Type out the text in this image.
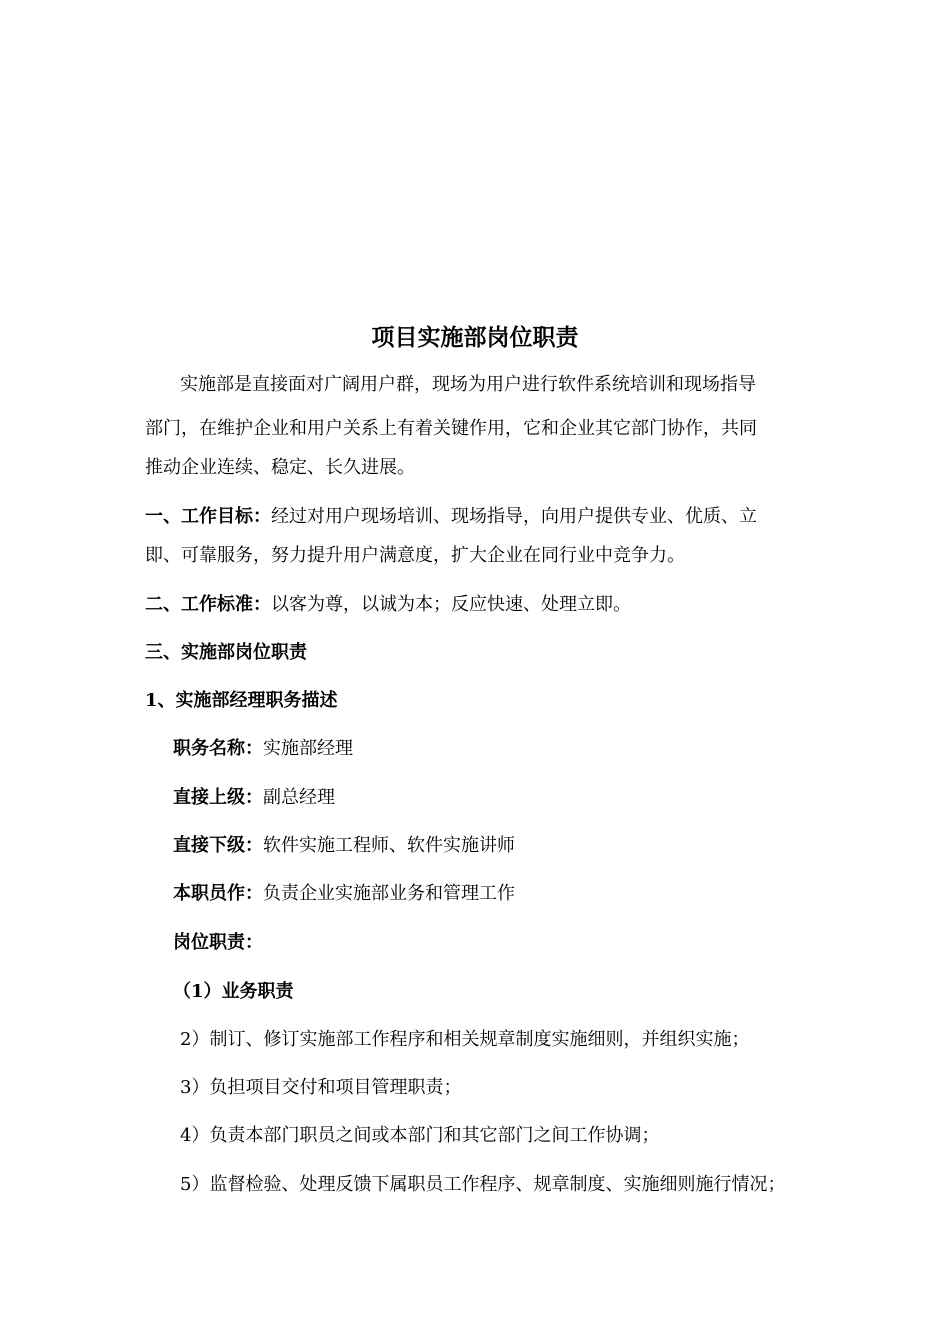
项目实施部岗位职责

实施部是直接面对广阔用户群，现场为用户进行软件系统培训和现场指导

部门，在维护企业和用户关系上有着关键作用，它和企业其它部门协作，共同

推动企业连续、稳定、长久进展。

一、工作目标：经过对用户现场培训、现场指导，向用户提供专业、优质、立

即、可靠服务，努力提升用户满意度，扩大企业在同行业中竞争力。

二、工作标准：以客为尊，以诚为本；反应快速、处理立即。

三、实施部岗位职责

1、实施部经理职务描述

职务名称：实施部经理

直接上级：副总经理

直接下级：软件实施工程师、软件实施讲师

本职员作：负责企业实施部业务和管理工作

岗位职责：

（1）业务职责

2）制订、修订实施部工作程序和相关规章制度实施细则，并组织实施；

3）负担项目交付和项目管理职责；

4）负责本部门职员之间或本部门和其它部门之间工作协调；

5）监督检验、处理反馈下属职员工作程序、规章制度、实施细则施行情况；
